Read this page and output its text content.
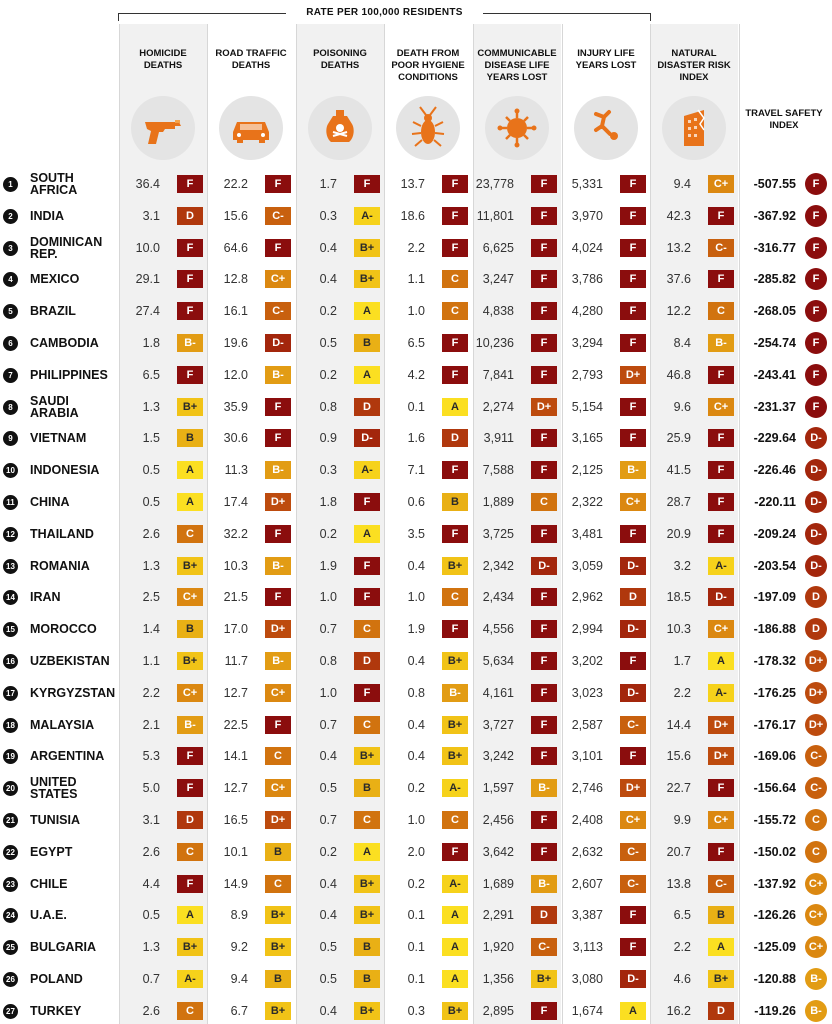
RATE PER 100,000 RESIDENTS
HOMICIDE DEATHS
ROAD TRAFFIC DEATHS
POISONING DEATHS
DEATH FROM POOR HYGIENE CONDITIONS
COMMUNICABLE DISEASE LIFE YEARS LOST
INJURY LIFE YEARS LOST
NATURAL DISASTER RISK INDEX
TRAVEL SAFETY INDEX
1	SOUTH AFRICA	36.4	F	22.2	F	1.7	F	13.7	F	23,778	F	5,331	F	9.4	C+	-507.55	F
2	INDIA	3.1	D	15.6	C-	0.3	A-	18.6	F	11,801	F	3,970	F	42.3	F	-367.92	F
3	DOMINICAN REP.	10.0	F	64.6	F	0.4	B+	2.2	F	6,625	F	4,024	F	13.2	C-	-316.77	F
4	MEXICO	29.1	F	12.8	C+	0.4	B+	1.1	C	3,247	F	3,786	F	37.6	F	-285.82	F
5	BRAZIL	27.4	F	16.1	C-	0.2	A	1.0	C	4,838	F	4,280	F	12.2	C	-268.05	F
6	CAMBODIA	1.8	B-	19.6	D-	0.5	B	6.5	F	10,236	F	3,294	F	8.4	B-	-254.74	F
7	PHILIPPINES	6.5	F	12.0	B-	0.2	A	4.2	F	7,841	F	2,793	D+	46.8	F	-243.41	F
8	SAUDI ARABIA	1.3	B+	35.9	F	0.8	D	0.1	A	2,274	D+	5,154	F	9.6	C+	-231.37	F
9	VIETNAM	1.5	B	30.6	F	0.9	D-	1.6	D	3,911	F	3,165	F	25.9	F	-229.64	D-
10 INDONESIA	0.5	A	11.3	B-	0.3	A-	7.1	F	7,588	F	2,125	B-	41.5	F	-226.46	D-
11 CHINA	0.5	A	17.4	D+	1.8	F	0.6	B	1,889	C	2,322	C+	28.7	F	-220.11	D-
12 THAILAND	2.6	C	32.2	F	0.2	A	3.5	F	3,725	F	3,481	F	20.9	F	-209.24	D-
13 ROMANIA	1.3	B+	10.3	B-	1.9	F	0.4	B+	2,342	D-	3,059	D-	3.2	A-	-203.54	D-
14 IRAN	2.5	C+	21.5	F	1.0	F	1.0	C	2,434	F	2,962	D	18.5	D-	-197.09	D
15 MOROCCO	1.4	B	17.0	D+	0.7	C	1.9	F	4,556	F	2,994	D-	10.3	C+	-186.88	D
16 UZBEKISTAN	1.1	B+	11.7	B-	0.8	D	0.4	B+	5,634	F	3,202	F	1.7	A	-178.32	D+
17 KYRGYZSTAN	2.2	C+	12.7	C+	1.0	F	0.8	B-	4,161	F	3,023	D-	2.2	A-	-176.25	D+
18 MALAYSIA	2.1	B-	22.5	F	0.7	C	0.4	B+	3,727	F	2,587	C-	14.4	D+	-176.17	D+
19 ARGENTINA	5.3	F	14.1	C	0.4	B+	0.4	B+	3,242	F	3,101	F	15.6	D+	-169.06	C-
20 UNITED STATES	5.0	F	12.7	C+	0.5	B	0.2	A-	1,597	B-	2,746	D+	22.7	F	-156.64	C-
21 TUNISIA	3.1	D	16.5	D+	0.7	C	1.0	C	2,456	F	2,408	C+	9.9	C+	-155.72	C
22 EGYPT	2.6	C	10.1	B	0.2	A	2.0	F	3,642	F	2,632	C-	20.7	F	-150.02	C
23 CHILE	4.4	F	14.9	C	0.4	B+	0.2	A-	1,689	B-	2,607	C-	13.8	C-	-137.92	C+
24 U.A.E.	0.5	A	8.9	B+	0.4	B+	0.1	A	2,291	D	3,387	F	6.5	B	-126.26	C+
25 BULGARIA	1.3	B+	9.2	B+	0.5	B	0.1	A	1,920	C-	3,113	F	2.2	A	-125.09	C+
26 POLAND	0.7	A-	9.4	B	0.5	B	0.1	A	1,356	B+	3,080	D-	4.6	B+	-120.88	B-
27 TURKEY	2.6	C	6.7	B+	0.4	B+	0.3	B+	2,895	F	1,674	A	16.2	D	-119.26	B-
